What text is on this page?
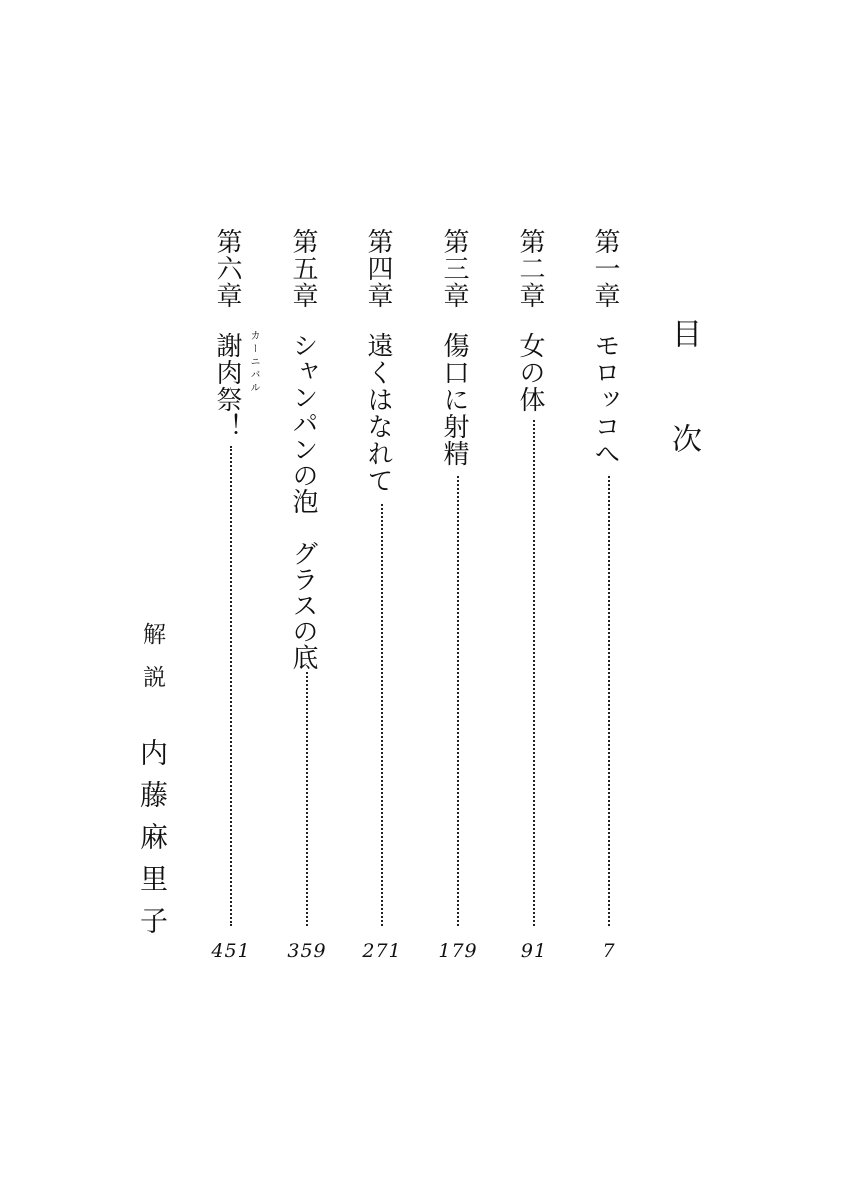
目次
第一章
モロッコへ
7
第二章
女の体
91
第三章
傷口に射精
179
第四章
遠くはなれて
271
第五章
シャンパンの泡　グラスの底
359
第六章
謝肉祭！ カーニバル
451
解説
内藤麻里子
